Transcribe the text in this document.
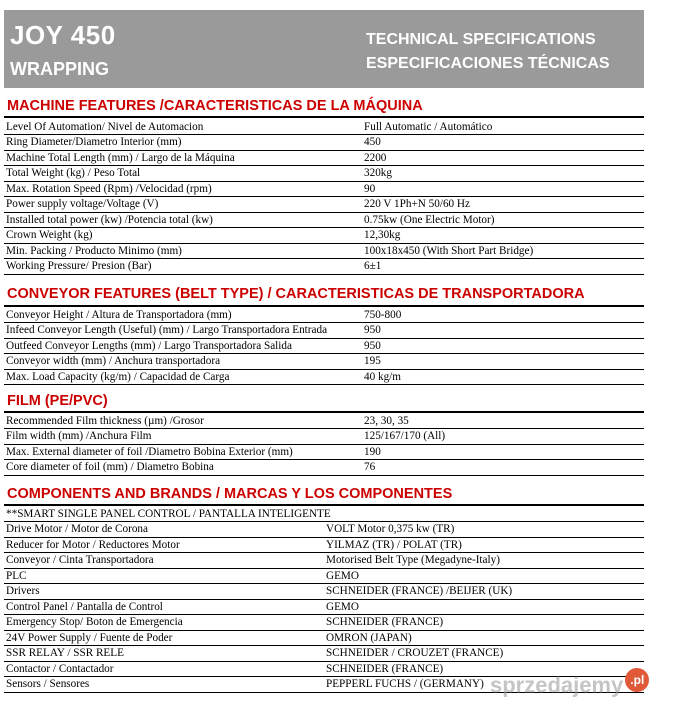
JOY 450
WRAPPING
TECHNICAL SPECIFICATIONS
ESPECIFICACIONES TÉCNICAS
MACHINE FEATURES /CARACTERISTICAS DE LA MÁQUINA
Level Of Automation/ Nivel de Automacion	Full Automatic / Automático
Ring Diameter/Diametro Interior (mm)	450
Machine Total Length (mm) / Largo de la Máquina	2200
Total Weight (kg) / Peso Total	320kg
Max. Rotation Speed (Rpm) /Velocidad (rpm)	90
Power supply voltage/Voltage (V)	220 V 1Ph+N 50/60 Hz
Installed total power (kw) /Potencia total (kw)	0.75kw (One Electric Motor)
Crown Weight (kg)	12,30kg
Min. Packing / Producto Minimo (mm)	100x18x450 (With Short Part Bridge)
Working Pressure/ Presion (Bar)	6±1
CONVEYOR FEATURES (BELT TYPE) / CARACTERISTICAS DE TRANSPORTADORA
Conveyor Height / Altura de Transportadora (mm)	750-800
Infeed Conveyor Length (Useful) (mm) / Largo Transportadora Entrada	950
Outfeed Conveyor Lengths (mm) / Largo Transportadora Salida	950
Conveyor width (mm) / Anchura transportadora	195
Max. Load Capacity (kg/m) / Capacidad de Carga	40 kg/m
FILM (PE/PVC)
Recommended Film thickness (µm) /Grosor	23, 30, 35
Film width (mm) /Anchura Film	125/167/170 (All)
Max. External diameter of foil /Diametro Bobina Exterior (mm)	190
Core diameter of foil (mm) / Diametro Bobina	76
COMPONENTS AND BRANDS / MARCAS Y LOS COMPONENTES
**SMART SINGLE PANEL CONTROL / PANTALLA INTELIGENTE	
Drive Motor / Motor de Corona	VOLT Motor 0,375 kw (TR)
Reducer for Motor / Reductores Motor	YILMAZ (TR) / POLAT (TR)
Conveyor / Cinta Transportadora	Motorised Belt Type (Megadyne-Italy)
PLC	GEMO
Drivers	SCHNEIDER (FRANCE) /BEIJER (UK)
Control Panel / Pantalla de Control	GEMO
Emergency Stop/ Boton de Emergencia	SCHNEIDER (FRANCE)
24V Power Supply / Fuente de Poder	OMRON (JAPAN)
SSR RELAY / SSR RELE	SCHNEIDER / CROUZET (FRANCE)
Contactor / Contactador	SCHNEIDER (FRANCE)
Sensors / Sensores	PEPPERL FUCHS / (GERMANY) sprzedajemy .pl
